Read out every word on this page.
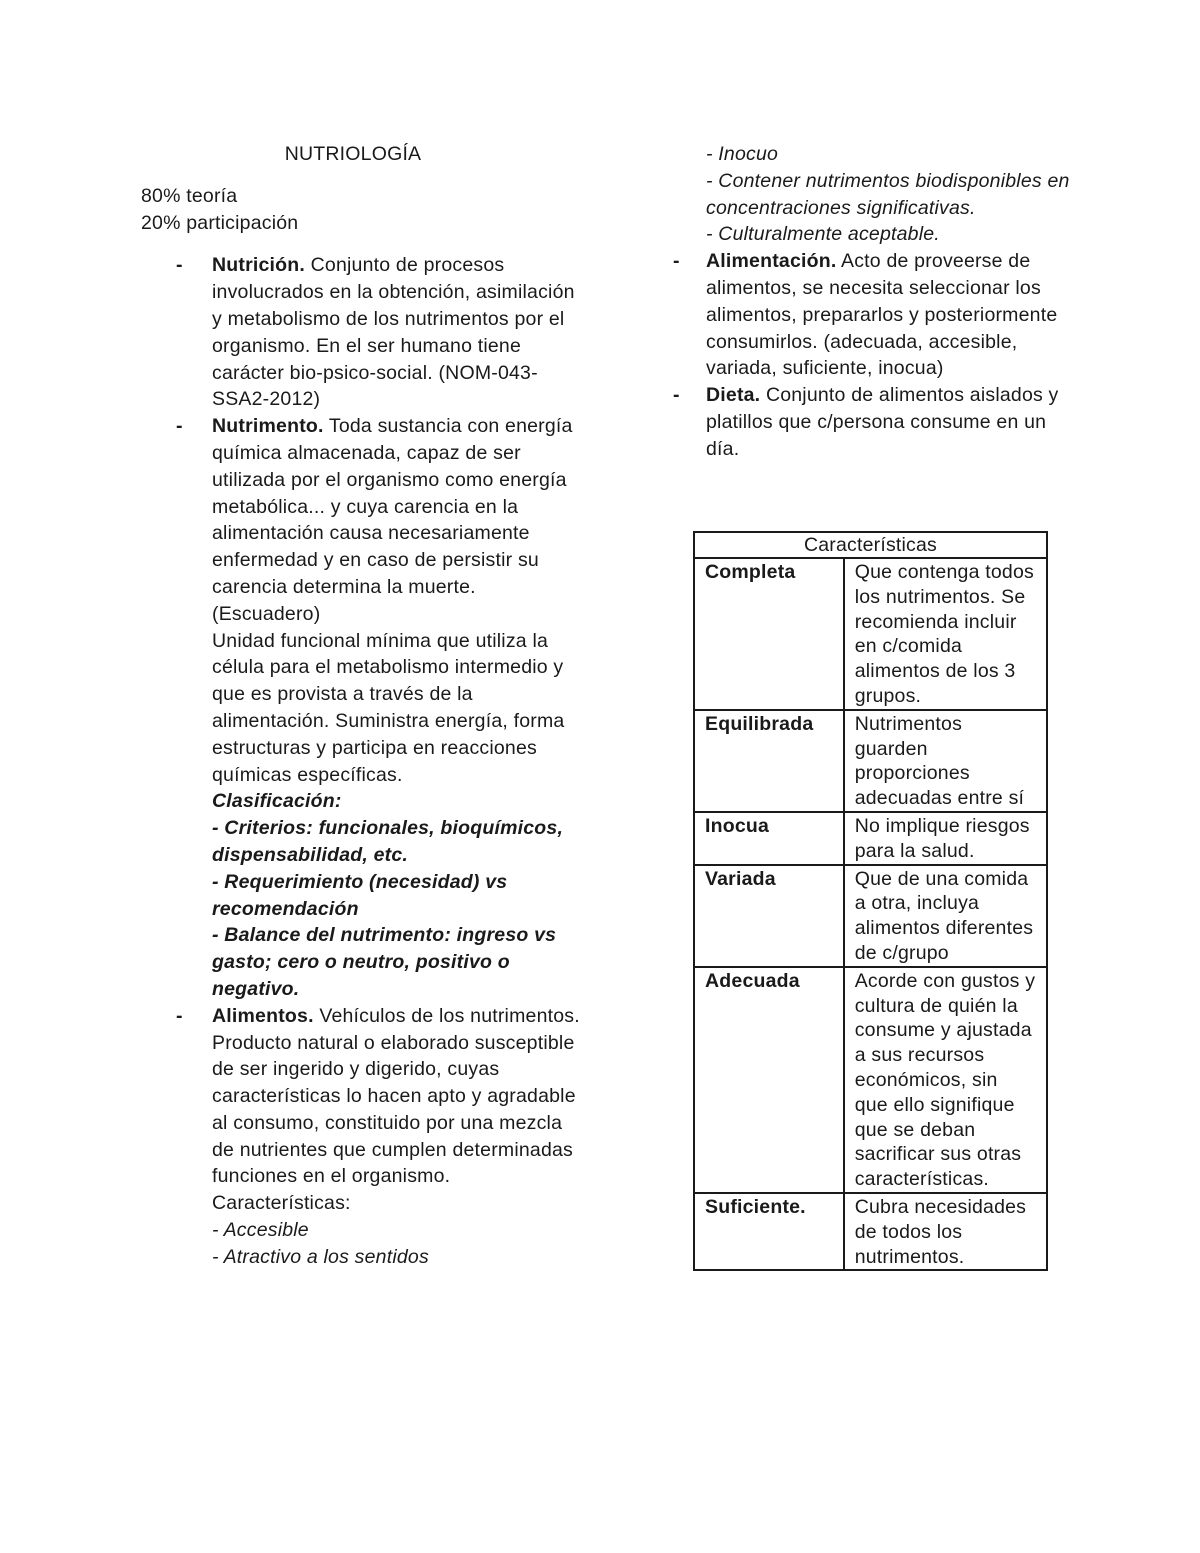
NUTRIOLOGÍA
80% teoría
20% participación
- Nutrición. Conjunto de procesos involucrados en la obtención, asimilación y metabolismo de los nutrimentos por el organismo. En el ser humano tiene carácter bio-psico-social. (NOM-043-SSA2-2012)
- Nutrimento. Toda sustancia con energía química almacenada, capaz de ser utilizada por el organismo como energía metabólica... y cuya carencia en la alimentación causa necesariamente enfermedad y en caso de persistir su carencia determina la muerte. (Escuadero)
Unidad funcional mínima que utiliza la célula para el metabolismo intermedio y que es provista a través de la alimentación. Suministra energía, forma estructuras y participa en reacciones químicas específicas.
Clasificación:
- Criterios: funcionales, bioquímicos, dispensabilidad, etc.
- Requerimiento (necesidad) vs recomendación
- Balance del nutrimento: ingreso vs gasto; cero o neutro, positivo o negativo.
- Alimentos. Vehículos de los nutrimentos.
Producto natural o elaborado susceptible de ser ingerido y digerido, cuyas características lo hacen apto y agradable al consumo, constituido por una mezcla de nutrientes que cumplen determinadas funciones en el organismo.
Características:
- Accesible
- Atractivo a los sentidos
- Inocuo
- Contener nutrimentos biodisponibles en concentraciones significativas.
- Culturalmente aceptable.
- Alimentación. Acto de proveerse de alimentos, se necesita seleccionar los alimentos, prepararlos y posteriormente consumirlos. (adecuada, accesible, variada, suficiente, inocua)
- Dieta. Conjunto de alimentos aislados y platillos que c/persona consume en un día.
Características	
Completa	Que contenga todos los nutrimentos. Se recomienda incluir en c/comida alimentos de los 3 grupos.
Equilibrada	Nutrimentos guarden proporciones adecuadas entre sí
Inocua	No implique riesgos para la salud.
Variada	Que de una comida a otra, incluya alimentos diferentes de c/grupo
Adecuada	Acorde con gustos y cultura de quién la consume y ajustada a sus recursos económicos, sin que ello signifique que se deban sacrificar sus otras características.
Suficiente.	Cubra necesidades de todos los nutrimentos.
